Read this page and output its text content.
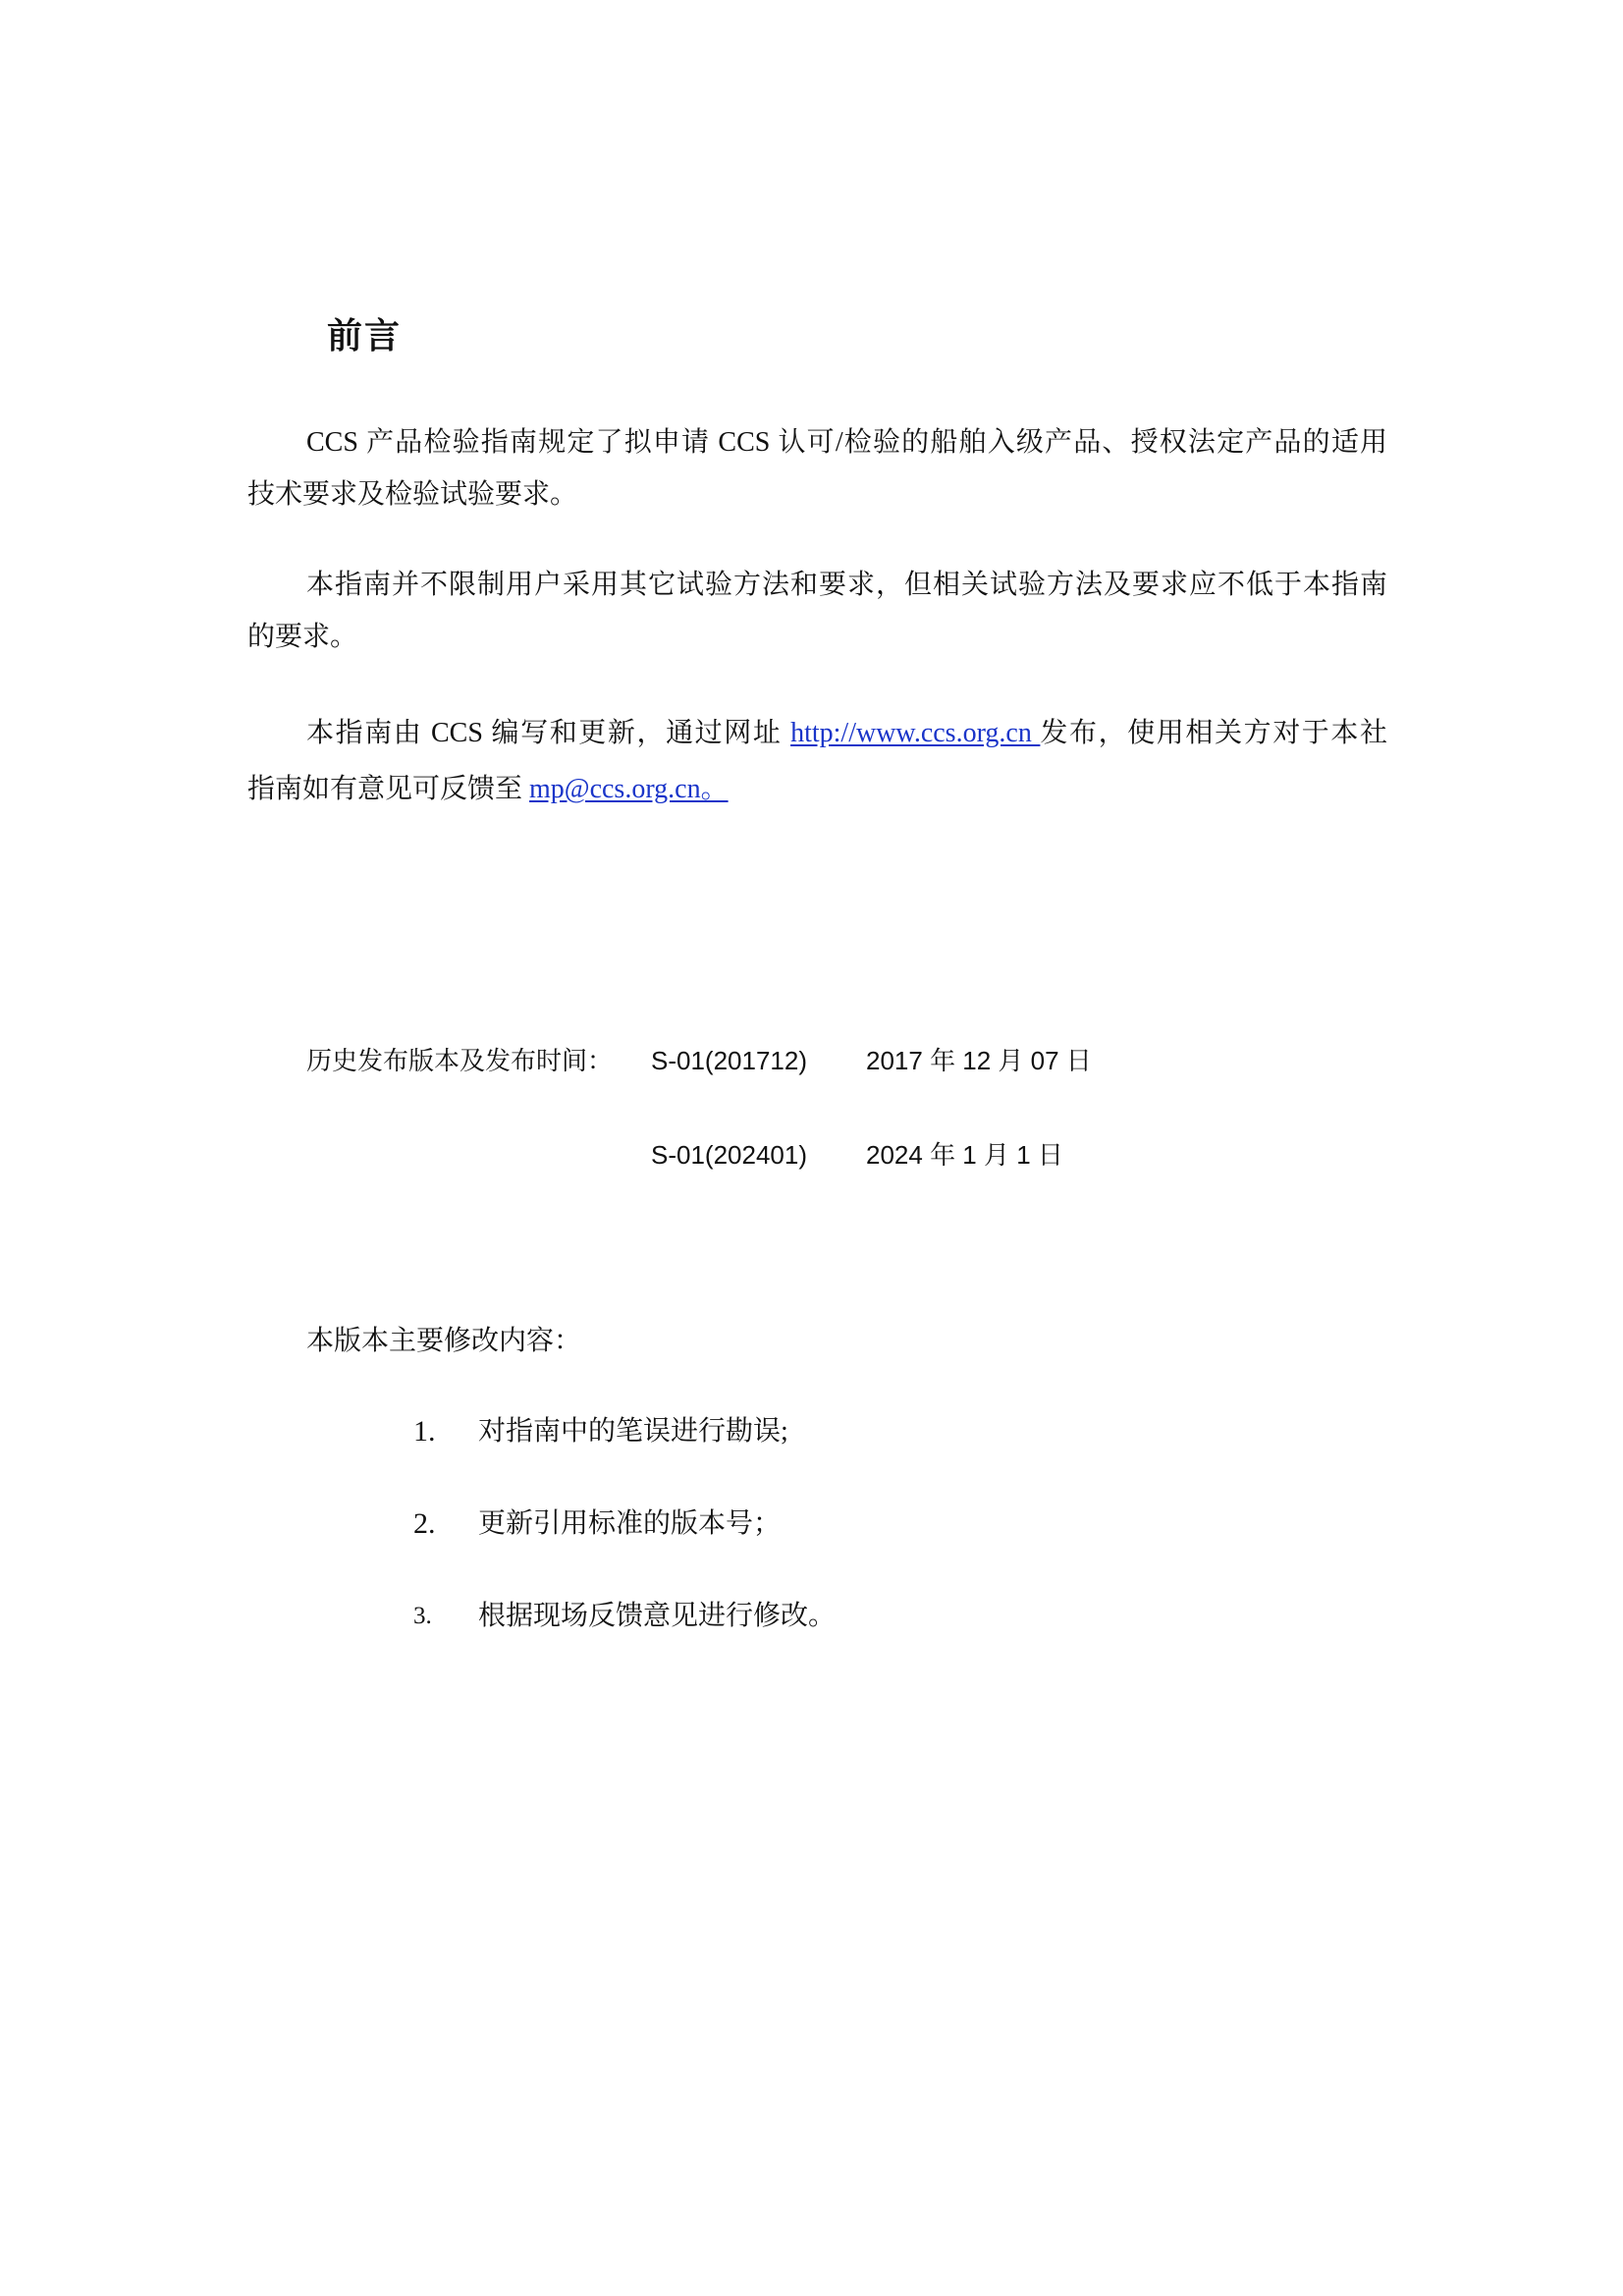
前言
CCS 产品检验指南规定了拟申请 CCS 认可/检验的船舶入级产品、授权法定产品的适用
技术要求及检验试验要求。
本指南并不限制用户采用其它试验方法和要求，但相关试验方法及要求应不低于本指南
的要求。
本指南由 CCS 编写和更新，通过网址 http://www.ccs.org.cn 发布，使用相关方对于本社
指南如有意见可反馈至 mp@ccs.org.cn。
历史发布版本及发布时间： S-01(201712) 2017 年 12 月 07 日
S-01(202401) 2024 年 1 月 1 日
本版本主要修改内容：
1. 对指南中的笔误进行勘误;
2. 更新引用标准的版本号；
3. 根据现场反馈意见进行修改。
